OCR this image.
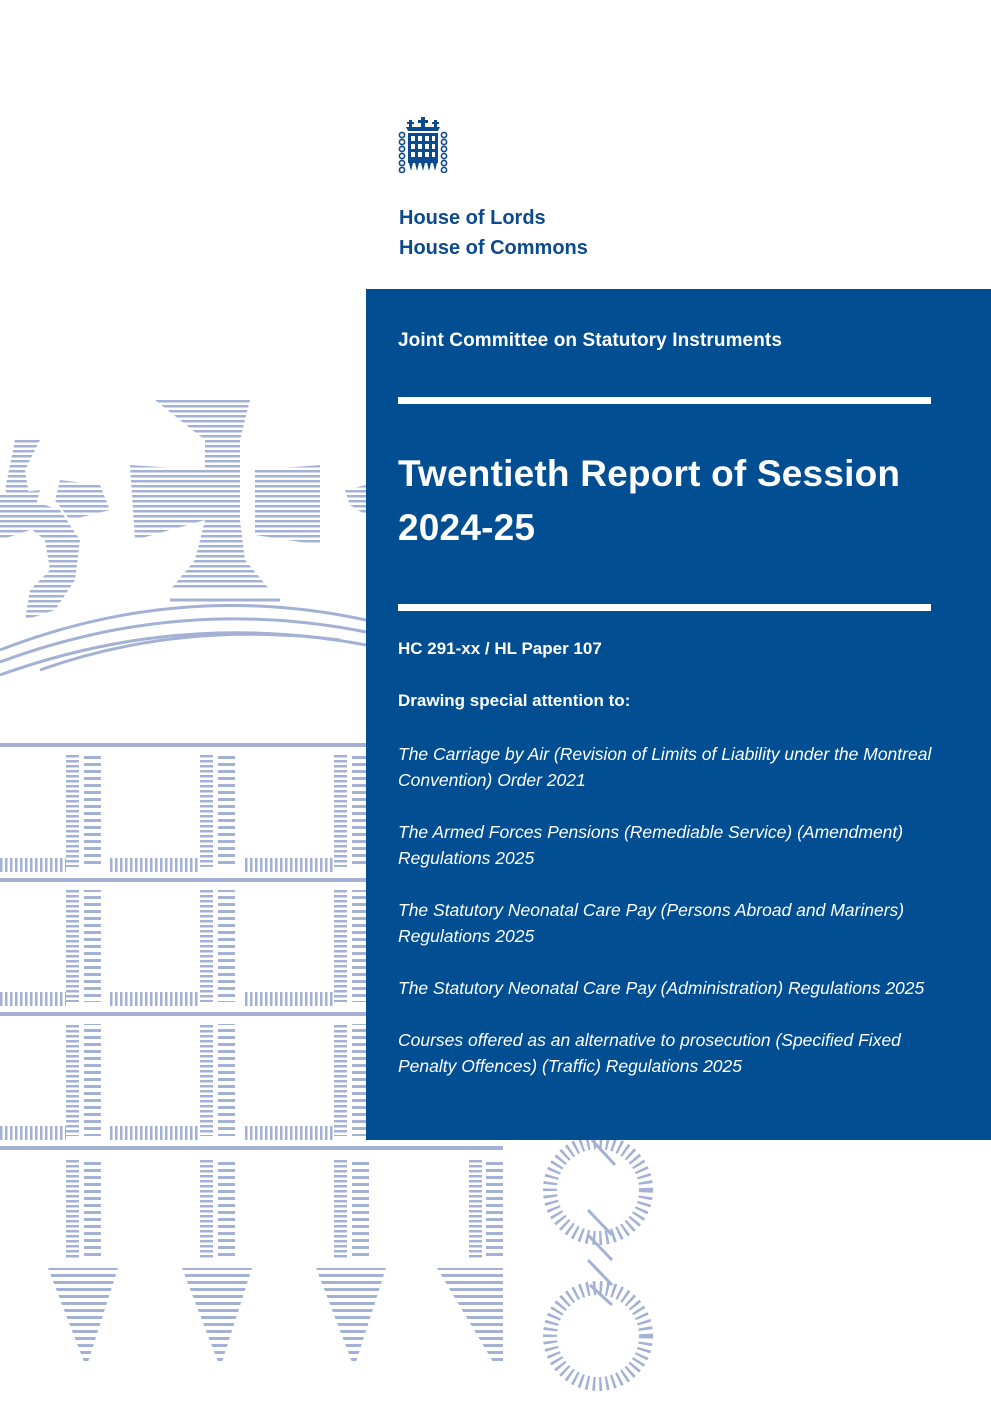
House of Lords
House of Commons
Joint Committee on Statutory Instruments
Twentieth Report of Session
2024-25
HC 291-xx / HL Paper 107
Drawing special attention to:

The Carriage by Air (Revision of Limits of Liability under the Montreal Convention) Order 2021

The Armed Forces Pensions (Remediable Service) (Amendment) Regulations 2025

The Statutory Neonatal Care Pay (Persons Abroad and Mariners) Regulations 2025

The Statutory Neonatal Care Pay (Administration) Regulations 2025

Courses offered as an alternative to prosecution (Specified Fixed Penalty Offences) (Traffic) Regulations 2025
